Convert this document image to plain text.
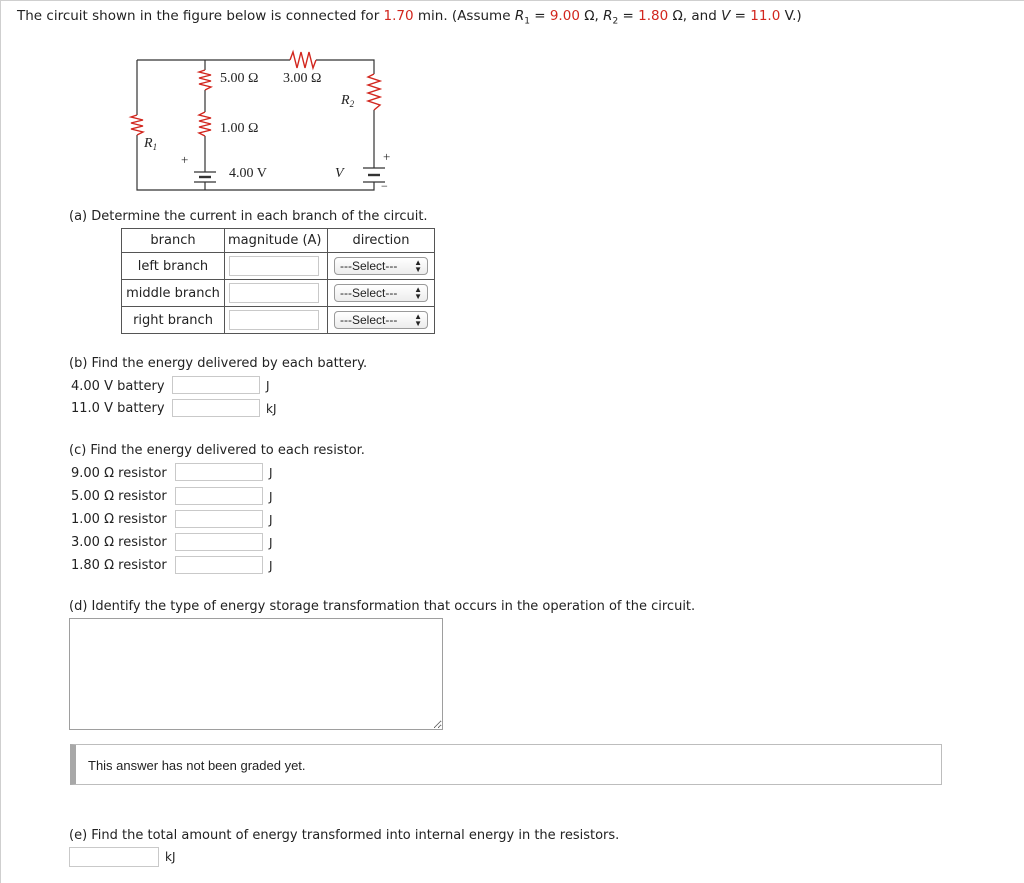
The circuit shown in the figure below is connected for 1.70 min. (Assume $R_1 = 9.00$ Ω, $R_2 = 1.80$ Ω, and V = 11.0 V.)
5.00 Ω 3.00 Ω
1.00 Ω
4.00 V
$R_1$
$R_2$
V
+	+
−
(a) Determine the current in each branch of the circuit.
branch	magnitude (A)	direction
left branch		---Select--- ▲
▼

middle branch		---Select--- ▲
▼

right branch		---Select--- ▲
▼
(b) Find the energy delivered by each battery.
4.00 V battery	J
11.0 V battery	kJ
(c) Find the energy delivered to each resistor.
9.00 Ω resistor	J
5.00 Ω resistor	J
1.00 Ω resistor	J
3.00 Ω resistor	J
1.80 Ω resistor	J
(d) Identify the type of energy storage transformation that occurs in the operation of the circuit.
This answer has not been graded yet.
(e) Find the total amount of energy transformed into internal energy in the resistors.
kJ
